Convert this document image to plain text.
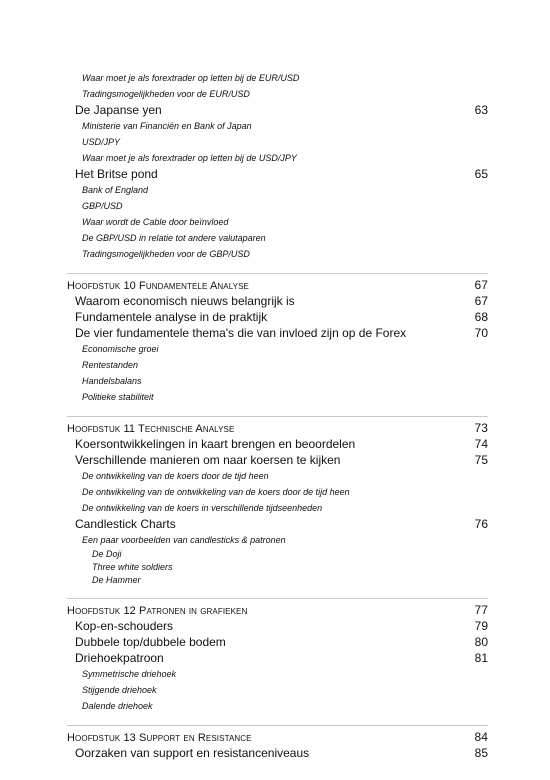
Waar moet je als forextrader op letten bij de EUR/USD
Tradingsmogelijkheden voor de EUR/USD
De Japanse yen	63
Ministerie van Financiën en Bank of Japan
USD/JPY
Waar moet je als forextrader op letten bij de USD/JPY
Het Britse pond	65
Bank of England
GBP/USD
Waar wordt de Cable door beïnvloed
De GBP/USD in relatie tot andere valutaparen
Tradingsmogelijkheden voor de GBP/USD
Hoofdstuk 10 Fundamentele Analyse	67
Waarom economisch nieuws belangrijk is	67
Fundamentele analyse in de praktijk	68
De vier fundamentele thema's die van invloed zijn op de Forex	70
Economische groei
Rentestanden
Handelsbalans
Politieke stabiliteit
Hoofdstuk 11 Technische Analyse	73
Koersontwikkelingen in kaart brengen en beoordelen	74
Verschillende manieren om naar koersen te kijken	75
De ontwikkeling van de koers door de tijd heen
De ontwikkeling van de ontwikkeling van de koers door de tijd heen
De ontwikkeling van de koers in verschillende tijdseenheden
Candlestick Charts	76
Een paar voorbeelden van candlesticks & patronen
De Doji
Three white soldiers
De Hammer
Hoofdstuk 12 Patronen in grafieken	77
Kop-en-schouders	79
Dubbele top/dubbele bodem	80
Driehoekpatroon	81
Symmetrische driehoek
Stijgende driehoek
Dalende driehoek
Hoofdstuk 13 Support en Resistance	84
Oorzaken van support en resistanceniveaus	85
